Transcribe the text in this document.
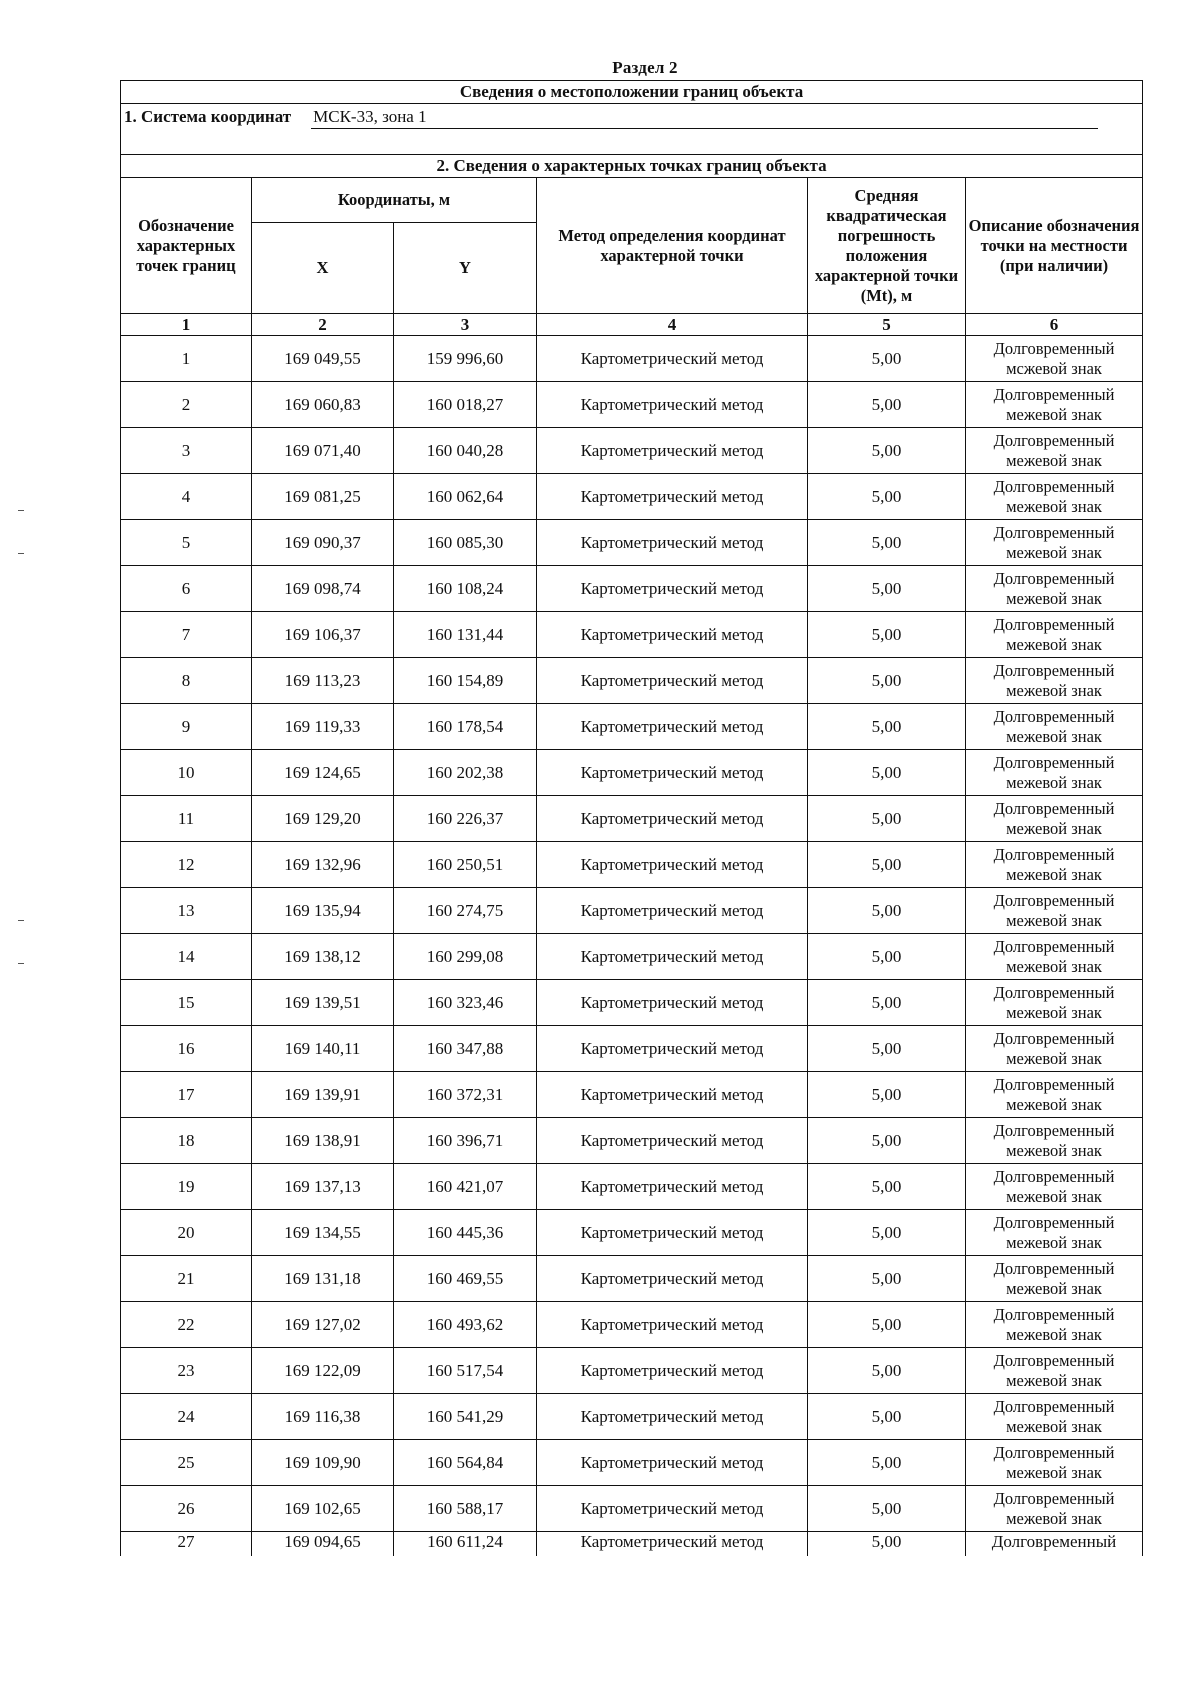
Раздел 2
Сведения о местоположении границ объекта					
1. Система координат МСК-33, зона 1					

2. Сведения о характерных точках границ объекта					
Обозначение характерных точек границ	Координаты, м		Метод определения координат характерной точки	Средняя квадратическая погрешность положения характерной точки (Mt), м	Описание обозначения точки на местности (при наличии)
	X	Y			
1	2	3	4	5	6
1	169 049,55	159 996,60	Картометрический метод	5,00	Долговременный мсжевой знак
2	169 060,83	160 018,27	Картометрический метод	5,00	Долговременный межевой знак
3	169 071,40	160 040,28	Картометрический метод	5,00	Долговременный межевой знак
4	169 081,25	160 062,64	Картометрический метод	5,00	Долговременный межевой знак
5	169 090,37	160 085,30	Картометрический метод	5,00	Долговременный межевой знак
6	169 098,74	160 108,24	Картометрический метод	5,00	Долговременный межевой знак
7	169 106,37	160 131,44	Картометрический метод	5,00	Долговременный межевой знак
8	169 113,23	160 154,89	Картометрический метод	5,00	Долговременный межевой знак
9	169 119,33	160 178,54	Картометрический метод	5,00	Долговременный межевой знак
10	169 124,65	160 202,38	Картометрический метод	5,00	Долговременный межевой знак
11	169 129,20	160 226,37	Картометрический метод	5,00	Долговременный межевой знак
12	169 132,96	160 250,51	Картометрический метод	5,00	Долговременный межевой знак
13	169 135,94	160 274,75	Картометрический метод	5,00	Долговременный межевой знак
14	169 138,12	160 299,08	Картометрический метод	5,00	Долговременный межевой знак
15	169 139,51	160 323,46	Картометрический метод	5,00	Долговременный межевой знак
16	169 140,11	160 347,88	Картометрический метод	5,00	Долговременный межевой знак
17	169 139,91	160 372,31	Картометрический метод	5,00	Долговременный межевой знак
18	169 138,91	160 396,71	Картометрический метод	5,00	Долговременный межевой знак
19	169 137,13	160 421,07	Картометрический метод	5,00	Долговременный межевой знак
20	169 134,55	160 445,36	Картометрический метод	5,00	Долговременный межевой знак
21	169 131,18	160 469,55	Картометрический метод	5,00	Долговременный межевой знак
22	169 127,02	160 493,62	Картометрический метод	5,00	Долговременный межевой знак
23	169 122,09	160 517,54	Картометрический метод	5,00	Долговременный межевой знак
24	169 116,38	160 541,29	Картометрический метод	5,00	Долговременный межевой знак
25	169 109,90	160 564,84	Картометрический метод	5,00	Долговременный межевой знак
26	169 102,65	160 588,17	Картометрический метод	5,00	Долговременный межевой знак
27	169 094,65	160 611,24	Картометрический метод	5,00	Долговременный
